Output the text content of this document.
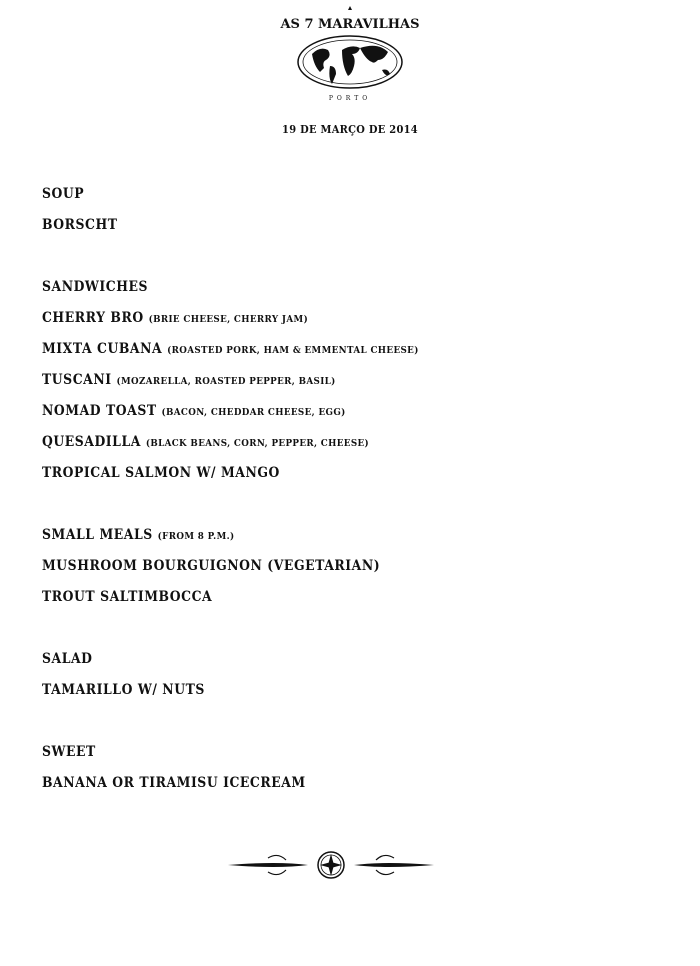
AS 7 MARAVILHAS
PORTO
19 DE MARÇO DE 2014
SOUP
BORSCHT
SANDWICHES
CHERRY BRO (BRIE CHEESE, CHERRY JAM)
MIXTA CUBANA (ROASTED PORK, HAM & EMMENTAL CHEESE)
TUSCANI (MOZARELLA, ROASTED PEPPER, BASIL)
NOMAD TOAST (BACON, CHEDDAR CHEESE, EGG)
QUESADILLA (BLACK BEANS, CORN, PEPPER, CHEESE)
TROPICAL SALMON W/ MANGO
SMALL MEALS (FROM 8 P.M.)
MUSHROOM BOURGUIGNON (VEGETARIAN)
TROUT SALTIMBOCCA
SALAD
TAMARILLO W/ NUTS
SWEET
BANANA OR TIRAMISU ICECREAM
